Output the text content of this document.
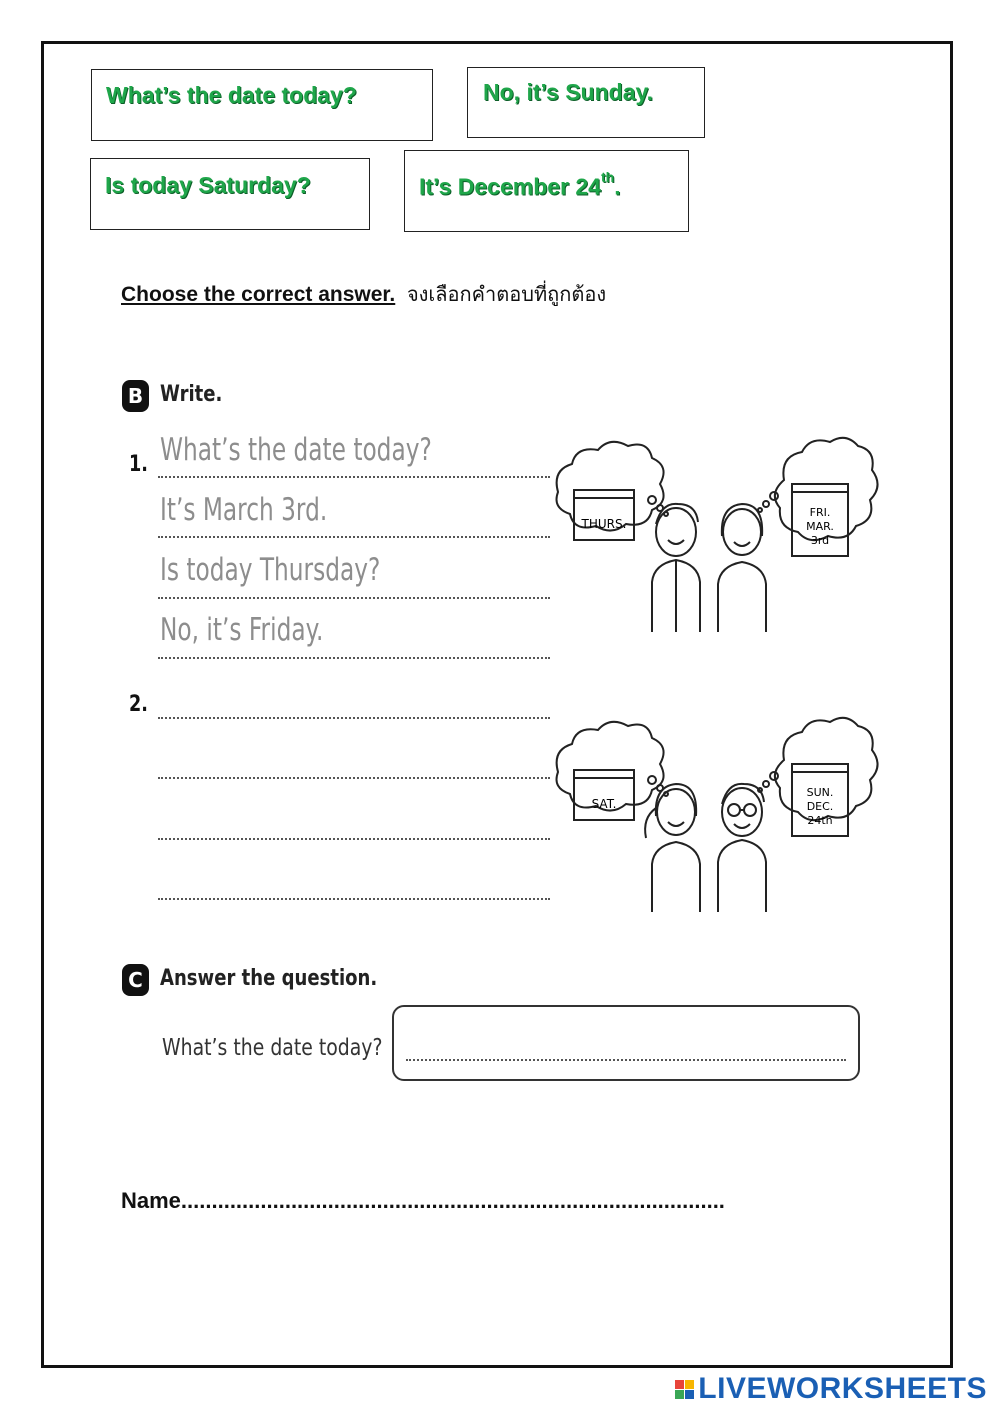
What’s the date today?	No, it’s Sunday.
Is today Saturday?	It’s December 24th.
Choose the correct answer. จงเลือกคำตอบที่ถูกต้อง
B Write.
1. What’s the date today?
It’s March 3rd.
Is today Thursday?
No, it’s Friday.
THURS.
FRI.
MAR.
3rd
2.
SAT.
SUN.
DEC.
24th
C Answer the question.
What’s the date today?
Name.........................................................................................
LIVEWORKSHEETS
